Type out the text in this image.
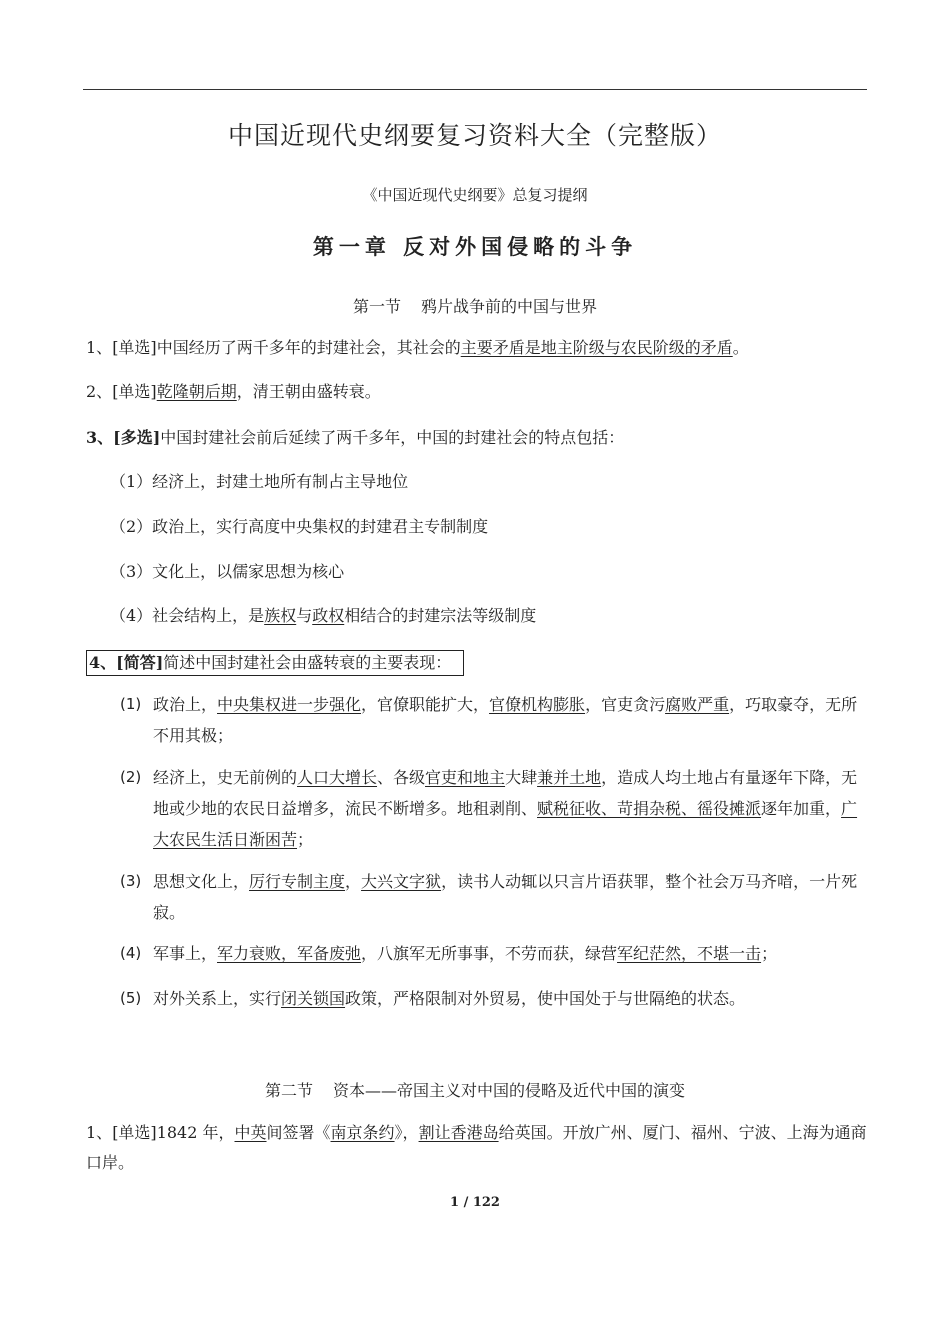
中国近现代史纲要复习资料大全（完整版）
《中国近现代史纲要》总复习提纲
第一章 反对外国侵略的斗争
第一节 鸦片战争前的中国与世界
1、[单选]中国经历了两千多年的封建社会，其社会的主要矛盾是地主阶级与农民阶级的矛盾。
2、[单选]乾隆朝后期，清王朝由盛转衰。
3、[多选]中国封建社会前后延续了两千多年，中国的封建社会的特点包括：
（1）经济上，封建土地所有制占主导地位
（2）政治上，实行高度中央集权的封建君主专制制度
（3）文化上，以儒家思想为核心
（4）社会结构上，是族权与政权相结合的封建宗法等级制度
4、[简答]简述中国封建社会由盛转衰的主要表现：
(1) 政治上，中央集权进一步强化，官僚职能扩大，官僚机构膨胀，官吏贪污腐败严重，巧取豪夺，无所不用其极；
(2) 经济上，史无前例的人口大增长、各级官吏和地主大肆兼并土地，造成人均土地占有量逐年下降，无地或少地的农民日益增多，流民不断增多。地租剥削、赋税征收、苛捐杂税、徭役摊派逐年加重，广大农民生活日渐困苦；
(3) 思想文化上，厉行专制主度，大兴文字狱，读书人动辄以只言片语获罪，整个社会万马齐喑，一片死寂。
(4) 军事上，军力衰败，军备废弛，八旗军无所事事，不劳而获，绿营军纪茫然，不堪一击；
(5) 对外关系上，实行闭关锁国政策，严格限制对外贸易，使中国处于与世隔绝的状态。
第二节 资本——帝国主义对中国的侵略及近代中国的演变
1、[单选]1842 年，中英间签署《南京条约》，割让香港岛给英国。开放广州、厦门、福州、宁波、上海为通商口岸。
1 / 122
